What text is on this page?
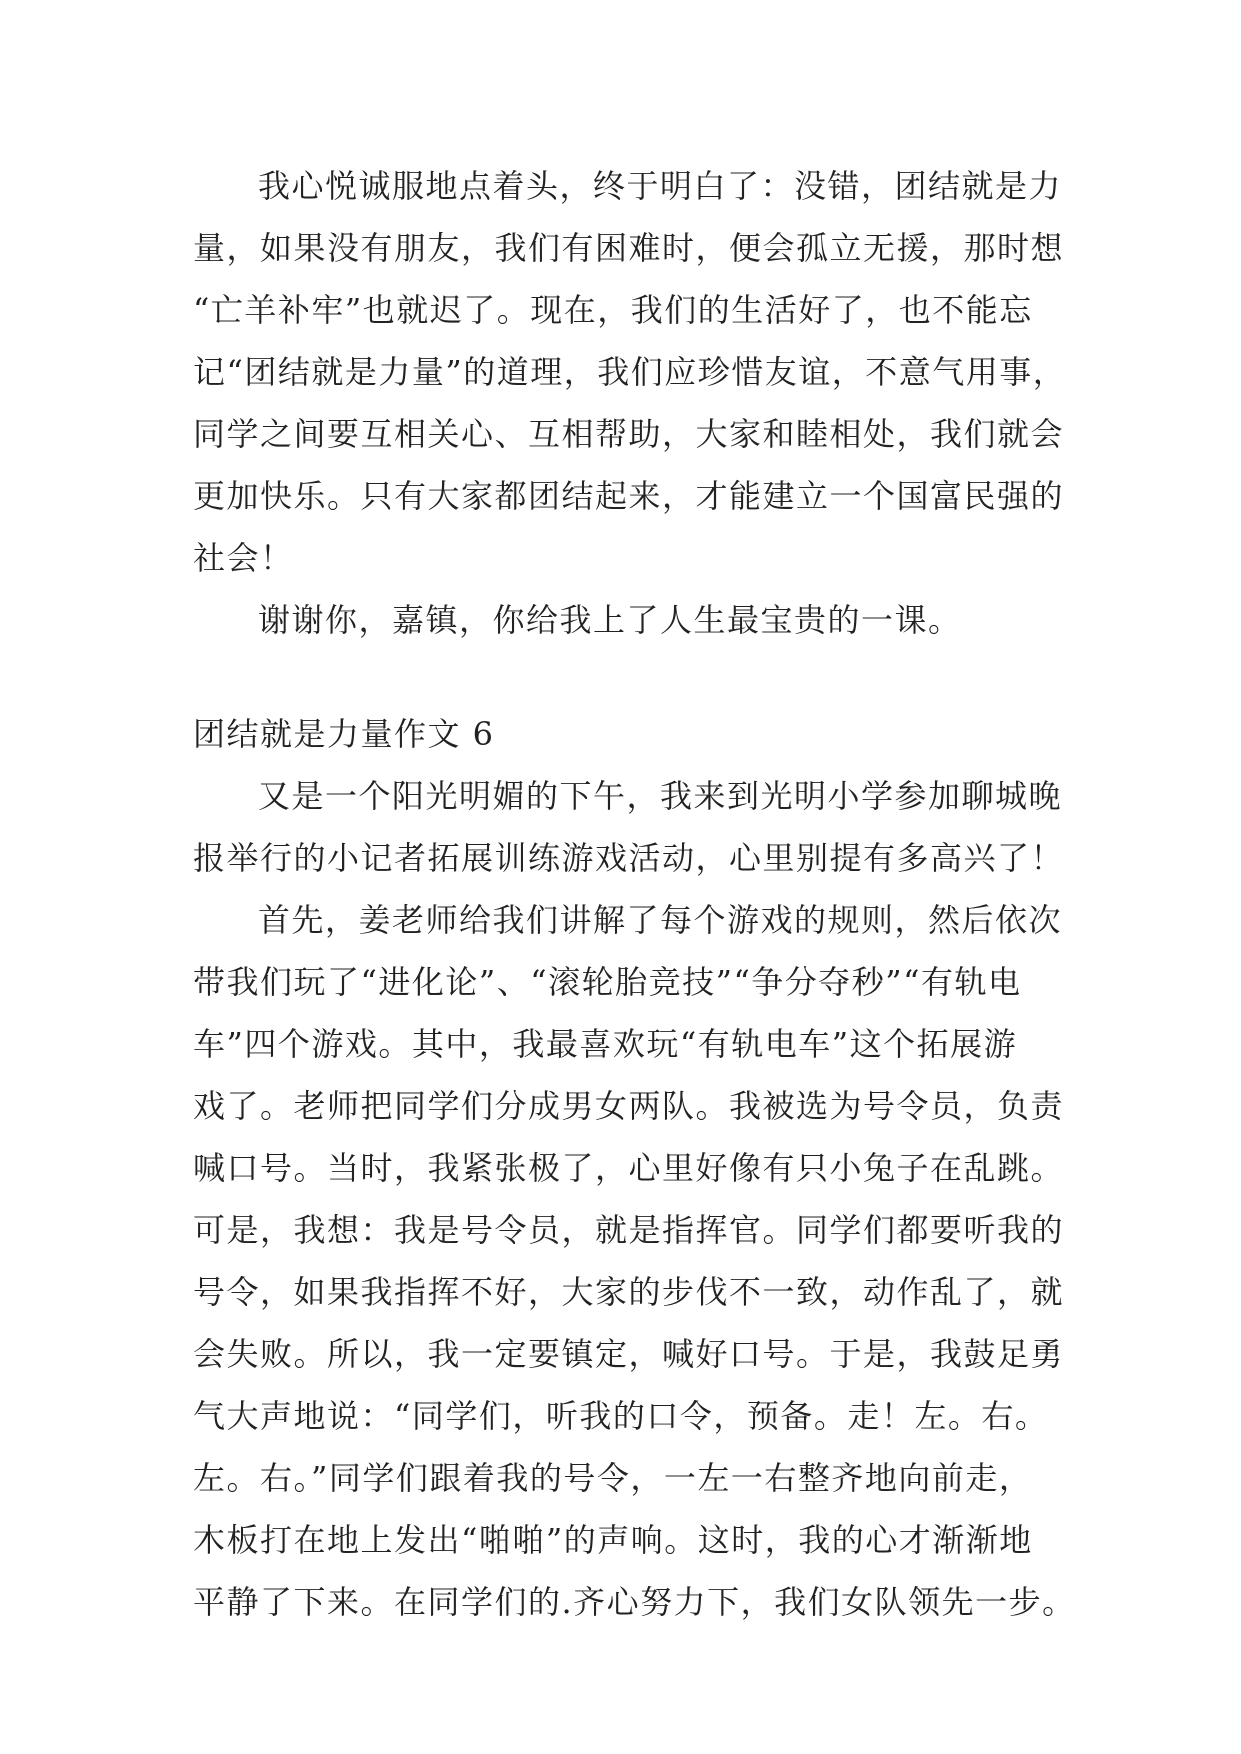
我心悦诚服地点着头，终于明白了：没错，团结就是力
量，如果没有朋友，我们有困难时，便会孤立无援，那时想
“亡羊补牢”也就迟了。现在，我们的生活好了，也不能忘
记“团结就是力量”的道理，我们应珍惜友谊，不意气用事，
同学之间要互相关心、互相帮助，大家和睦相处，我们就会
更加快乐。只有大家都团结起来，才能建立一个国富民强的
社会！
谢谢你，嘉镇，你给我上了人生最宝贵的一课。
团结就是力量作文 6
又是一个阳光明媚的下午，我来到光明小学参加聊城晚
报举行的小记者拓展训练游戏活动，心里别提有多高兴了！
首先，姜老师给我们讲解了每个游戏的规则，然后依次
带我们玩了“进化论”、“滚轮胎竞技”“争分夺秒”“有轨电
车”四个游戏。其中，我最喜欢玩“有轨电车”这个拓展游
戏了。老师把同学们分成男女两队。我被选为号令员，负责
喊口号。当时，我紧张极了，心里好像有只小兔子在乱跳。
可是，我想：我是号令员，就是指挥官。同学们都要听我的
号令，如果我指挥不好，大家的步伐不一致，动作乱了，就
会失败。所以，我一定要镇定，喊好口号。于是，我鼓足勇
气大声地说：“同学们，听我的口令，预备。走！左。右。
左。右。”同学们跟着我的号令，一左一右整齐地向前走，
木板打在地上发出“啪啪”的声响。这时，我的心才渐渐地
平静了下来。在同学们的.齐心努力下，我们女队领先一步。
